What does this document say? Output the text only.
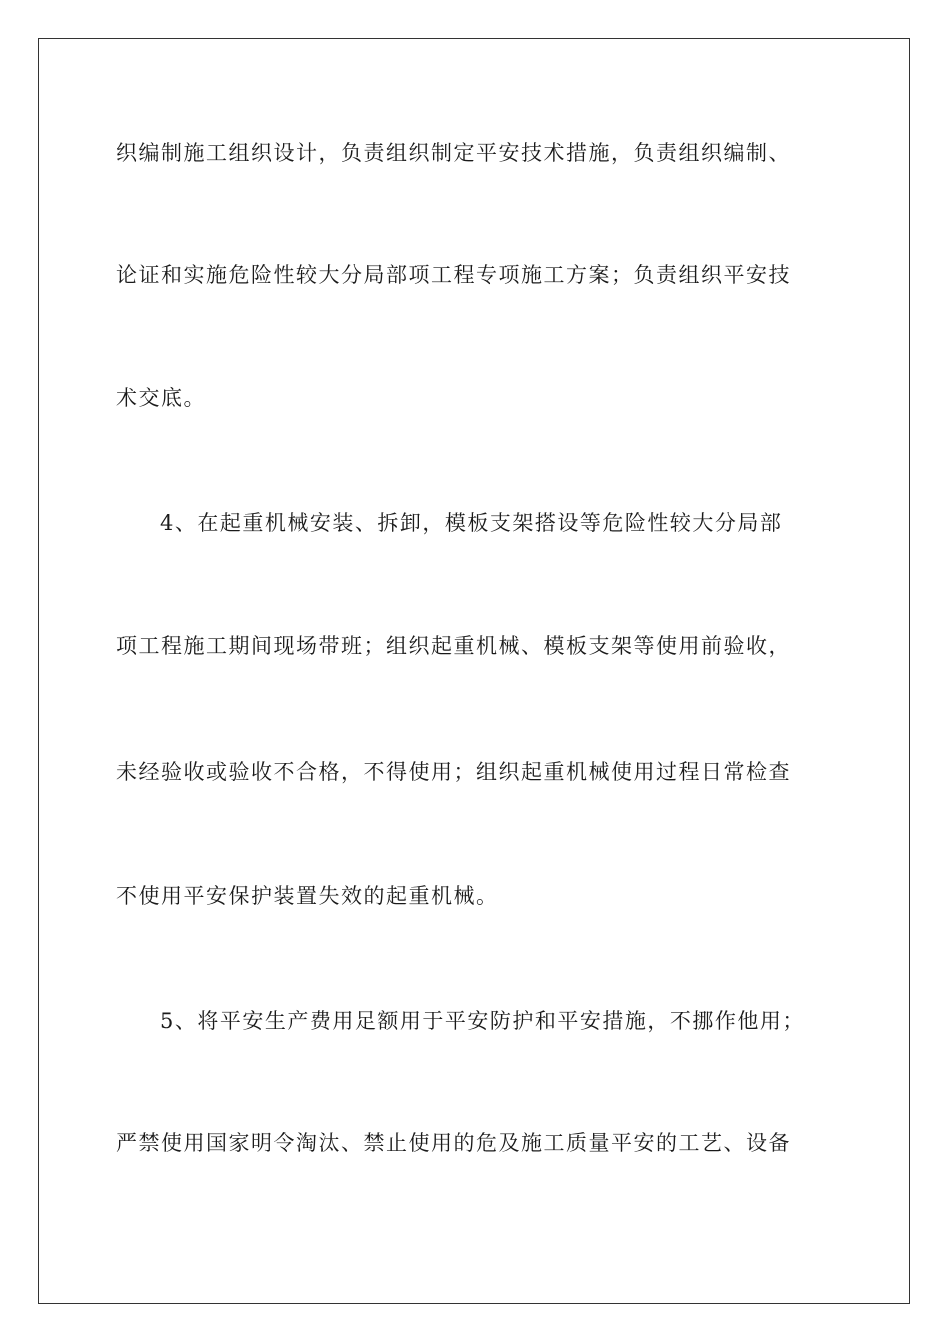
织编制施工组织设计，负责组织制定平安技术措施，负责组织编制、
论证和实施危险性较大分局部项工程专项施工方案；负责组织平安技
术交底。
4、在起重机械安装、拆卸，模板支架搭设等危险性较大分局部
项工程施工期间现场带班；组织起重机械、模板支架等使用前验收，
未经验收或验收不合格，不得使用；组织起重机械使用过程日常检查
不使用平安保护装置失效的起重机械。
5、将平安生产费用足额用于平安防护和平安措施，不挪作他用；
严禁使用国家明令淘汰、禁止使用的危及施工质量平安的工艺、设备
